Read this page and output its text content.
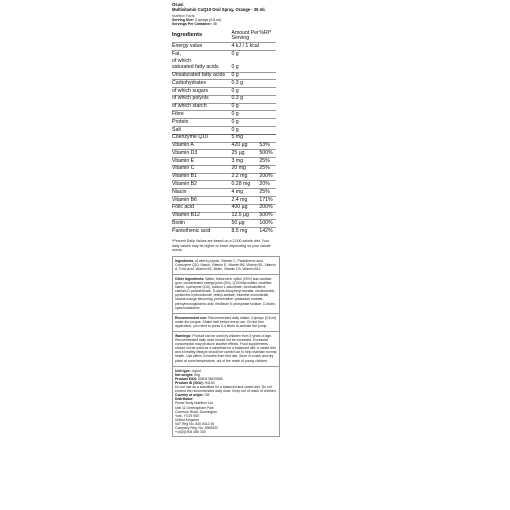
Osavi
Multivitamin CoQ10 Oral Spray, Orange - 25 ml.
Nutrition Facts
Serving Size: 4 sprays (0.8 ml)
Servings Per Container: 38
Ingredients	Amount Per Serving	%RI*
Energy value	4 kJ / 1 kcal	
Fat,	0 g	
of which		
saturated fatty acids	0 g	
Unsaturated fatty acids	0 g	
Carbohydrates	0.3 g	
of which sugars	0 g	
of which polyols	0.3 g	
of which starch	0 g	
Fibre	0 g	
Protein	0 g	
Salt	0 g	
Coenzyme Q10	5 mg	
Vitamin A	420 µg	53%
Vitamin D3	25 µg	500%
Vitamin E	3 mg	25%
Vitamin C	20 mg	25%
Vitamin B1	2.2 mg	200%
Vitamin B2	0.28 mg	20%
Niacin	4 mg	25%
Vitamin B6	2.4 mg	171%
Folic acid	400 µg	200%
Vitamin B12	12.5 µg	500%
Biotin	50 µg	100%
Pantothenic acid	8.5 mg	142%
*Percent Daily Values are based on a 2,000 calorie diet. Your daily values may be higher or lower depending on your calorie needs.

Ingredients: of which polyols, Vitamin C, Pantothenic acid, Coenzyme Q10, Niacin, Vitamin E, Vitamin B6, Vitamin B1, Vitamin A, Folic acid, Vitamin B2, Biotin, Vitamin D3, Vitamin B12

Other Ingredients: Water, thickeners: xylitol (20%) and xanthan gum, concentrated orange juice (6%), Q10/Vital matter, modified starch, coenzyme Q10), sodium L-ascorbate, cholecalciferol, calcium D-pantothenate, D-alpha-tocopheryl acetate, nicotinamide, pyridoxine hydrochloride, retinyl acetate, thiamine mononitrate, natural orange flavouring, preservative: potassium sorbate, pteroylmonoglutamic acid, riboflavin 5'-phosphate sodium, D-biotin, cyanocobalamin

Recommended use: Recommended daily intake: 4 sprays (0.8 ml) under the tongue. Shake well before every use. On the first application, you need to press 3-4 times to activate the pump.

Warnings: Product can be used by children from 3 years of age. Recommended daily dose should not be exceeded. Excessive consumption may produce laxative effects. Food supplements should not be used as a substitute for a balanced diet. A varied diet and a healthy lifestyle should be carried out to help maintain normal health. Use within 3 months from first use. Store in a dark and dry place at room temperature, out of the reach of young children.

Unit type: Liquid
Net weight: 50g
Product EAN: 5060478620565
Product ID (SKU): H4150
Do not use as a substitute for a balanced and varied diet. Do not exceed the recommended daily dose. Keep out of reach of children.
Country of origin: GB
Distributor:
Power Body Nutrition Ltd.
Unit 11 Greenspham Park
Common Road, Dunnington,
York, YO19 5SE
United Kingdom
VAT Reg No. 840 8412 46
Company Reg. No. 6969822
+44(0)1904 488 330
